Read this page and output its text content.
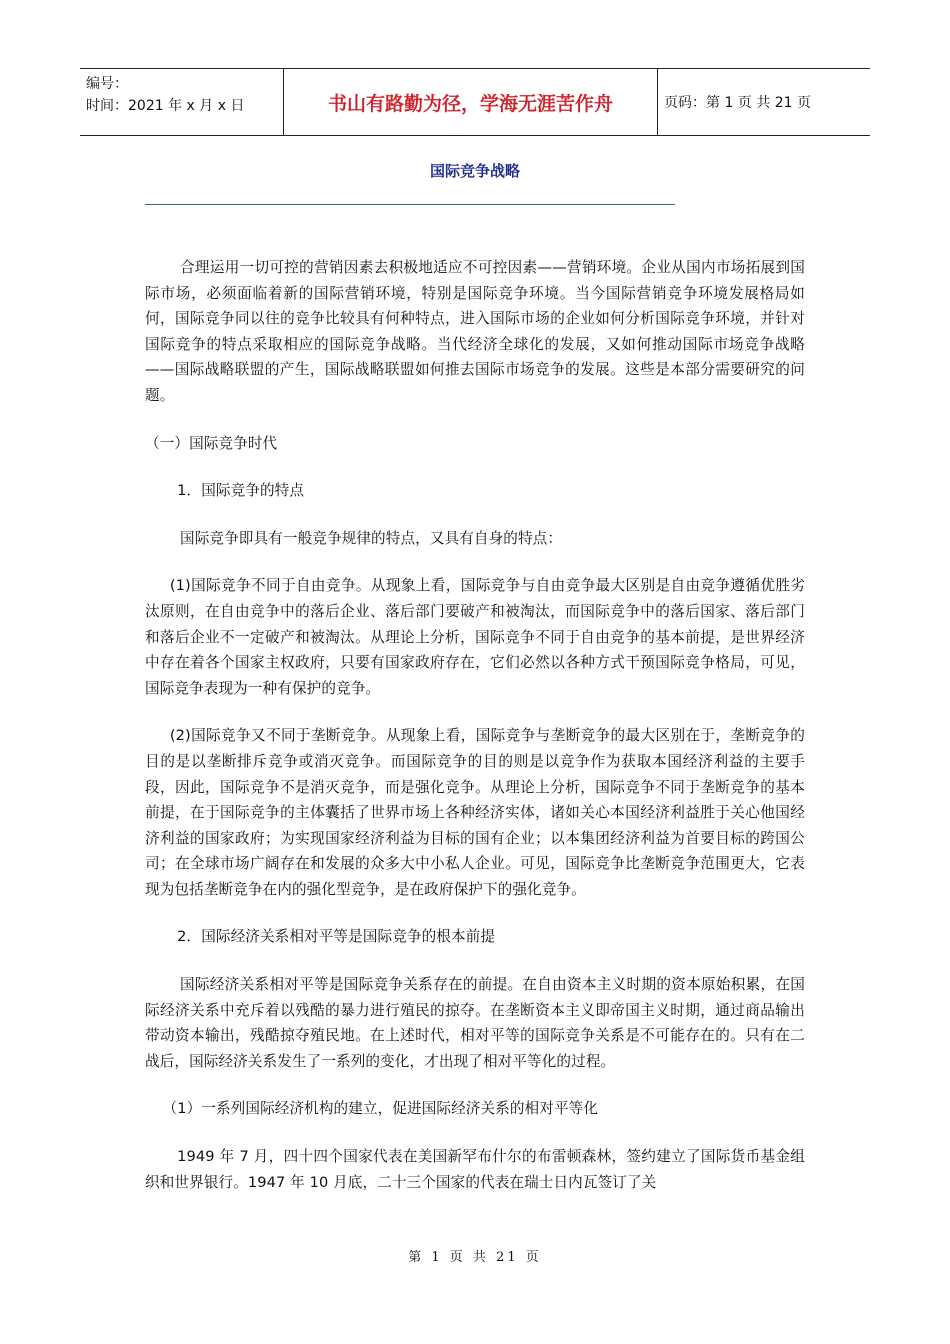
编号：
时间：2021 年 x 月 x 日	书山有路勤为径，学海无涯苦作舟	页码：第 1 页 共 21 页
国际竞争战略

合理运用一切可控的营销因素去积极地适应不可控因素——营销环境。企业从国内市场拓展到国际市场，必须面临着新的国际营销环境，特别是国际竞争环境。当今国际营销竞争环境发展格局如何，国际竞争同以往的竞争比较具有何种特点，进入国际市场的企业如何分析国际竞争环境，并针对国际竞争的特点采取相应的国际竞争战略。当代经济全球化的发展，又如何推动国际市场竞争战略——国际战略联盟的产生，国际战略联盟如何推去国际市场竞争的发展。这些是本部分需要研究的问题。

（一）国际竞争时代

1．国际竞争的特点

国际竞争即具有一般竞争规律的特点，又具有自身的特点：

(1)国际竞争不同于自由竞争。从现象上看，国际竞争与自由竞争最大区别是自由竞争遵循优胜劣汰原则，在自由竞争中的落后企业、落后部门要破产和被淘汰，而国际竞争中的落后国家、落后部门和落后企业不一定破产和被淘汰。从理论上分析，国际竞争不同于自由竞争的基本前提，是世界经济中存在着各个国家主权政府，只要有国家政府存在，它们必然以各种方式干预国际竞争格局，可见，国际竞争表现为一种有保护的竞争。

(2)国际竞争又不同于垄断竞争。从现象上看，国际竞争与垄断竞争的最大区别在于，垄断竞争的目的是以垄断排斥竞争或消灭竞争。而国际竞争的目的则是以竞争作为获取本国经济利益的主要手段，因此，国际竞争不是消灭竞争，而是强化竞争。从理论上分析，国际竞争不同于垄断竞争的基本前提，在于国际竞争的主体囊括了世界市场上各种经济实体，诸如关心本国经济利益胜于关心他国经济利益的国家政府；为实现国家经济利益为目标的国有企业；以本集团经济利益为首要目标的跨国公司；在全球市场广阔存在和发展的众多大中小私人企业。可见，国际竞争比垄断竞争范围更大，它表现为包括垄断竞争在内的强化型竞争，是在政府保护下的强化竞争。

2．国际经济关系相对平等是国际竞争的根本前提

国际经济关系相对平等是国际竞争关系存在的前提。在自由资本主义时期的资本原始积累，在国际经济关系中充斥着以残酷的暴力进行殖民的掠夺。在垄断资本主义即帝国主义时期，通过商品输出带动资本输出，残酷掠夺殖民地。在上述时代，相对平等的国际竞争关系是不可能存在的。只有在二战后，国际经济关系发生了一系列的变化，才出现了相对平等化的过程。

（1）一系列国际经济机构的建立，促进国际经济关系的相对平等化

1949 年 7 月，四十四个国家代表在美国新罕布什尔的布雷顿森林，签约建立了国际货币基金组织和世界银行。1947 年 10 月底，二十三个国家的代表在瑞士日内瓦签订了关

第 1 页 共 21 页
